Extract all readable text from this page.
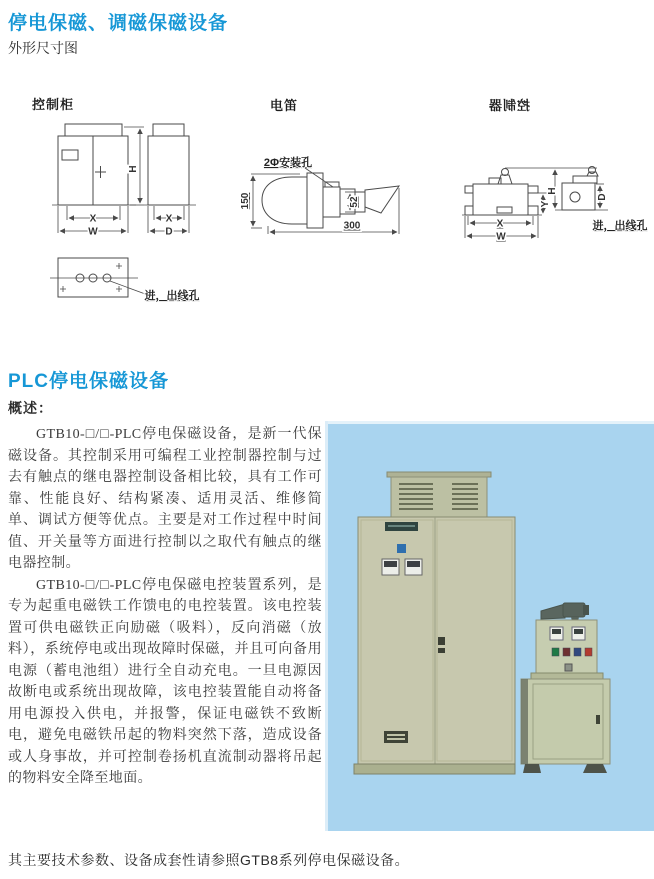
停电保磁、调磁保磁设备
外形尺寸图
控制柜	电笛	控制器
H
X
W
X
D
进，出线孔
2Φ安装孔
150	52
300	X
W
Y
H
D
进，出线孔
PLC停电保磁设备
概述：

GTB10-□/□-PLC停电保磁设备，是新一代保磁设备。其控制采用可编程工业控制器控制与过去有触点的继电器控制设备相比较，具有工作可靠、性能良好、结构紧凑、适用灵活、维修简单、调试方便等优点。主要是对工作过程中时间值、开关量等方面进行控制以之取代有触点的继电器控制。

GTB10-□/□-PLC停电保磁电控装置系列，是专为起重电磁铁工作馈电的电控装置。该电控装置可供电磁铁正向励磁（吸料），反向消磁（放料），系统停电或出现故障时保磁，并且可向备用电源（蓄电池组）进行全自动充电。一旦电源因故断电或系统出现故障，该电控装置能自动将备用电源投入供电，并报警，保证电磁铁不致断电，避免电磁铁吊起的物料突然下落，造成设备或人身事故，并可控制卷扬机直流制动器将吊起的物料安全降至地面。

其主要技术参数、设备成套性请参照GTB8系列停电保磁设备。
